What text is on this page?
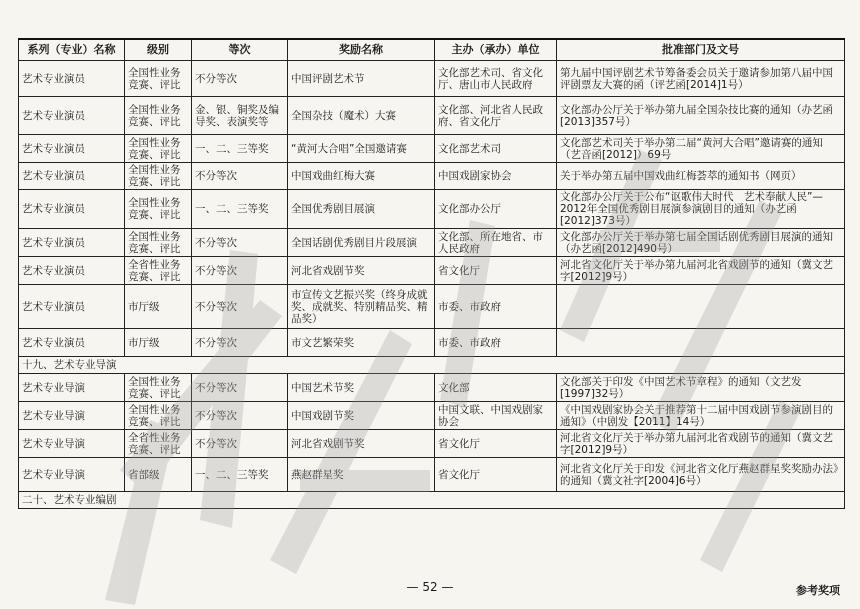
系列（专业）名称	级别	等次	奖励名称	主办（承办）单位	批准部门及文号
艺术专业演员	全国性业务竞赛、评比	不分等次	中国评剧艺术节	文化部艺术司、省文化厅、唐山市人民政府	第九届中国评剧艺术节筹备委会员关于邀请参加第八届中国评剧票友大赛的函（评艺函[2014]1号）
艺术专业演员	全国性业务竞赛、评比	金、银、铜奖及编导奖、表演奖等	全国杂技（魔术）大赛	文化部、河北省人民政府、省文化厅	文化部办公厅关于举办第九届全国杂技比赛的通知（办艺函[2013]357号）
艺术专业演员	全国性业务竞赛、评比	一、二、三等奖	“黄河大合唱”全国邀请赛	文化部艺术司	文化部艺术司关于举办第二届“黄河大合唱”邀请赛的通知（艺音函[2012]）69号
艺术专业演员	全国性业务竞赛、评比	不分等次	中国戏曲红梅大赛	中国戏剧家协会	关于举办第五届中国戏曲红梅荟萃的通知书（网页）
艺术专业演员	全国性业务竞赛、评比	一、二、三等奖	全国优秀剧目展演	文化部办公厅	文化部办公厅关于公布“讴歌伟大时代　艺术奉献人民”—2012年全国优秀剧目展演参演剧目的通知（办艺函[2012]373号）
艺术专业演员	全国性业务竞赛、评比	不分等次	全国话剧优秀剧目片段展演	文化部、所在地省、市人民政府	文化部办公厅关于举办第七届全国话剧优秀剧目展演的通知（办艺函[2012]490号）
艺术专业演员	全省性业务竞赛、评比	不分等次	河北省戏剧节奖	省文化厅	河北省文化厅关于举办第九届河北省戏剧节的通知（冀文艺字[2012]9号）
艺术专业演员	市厅级	不分等次	市宣传文艺振兴奖（终身成就奖、成就奖、特别精品奖、精品奖）	市委、市政府	
艺术专业演员	市厅级	不分等次	市文艺繁荣奖	市委、市政府	
十九、艺术专业导演					
艺术专业导演	全国性业务竞赛、评比	不分等次	中国艺术节奖	文化部	文化部关于印发《中国艺术节章程》的通知（文艺发[1997]32号）
艺术专业导演	全国性业务竞赛、评比	不分等次	中国戏剧节奖	中国文联、中国戏剧家协会	《中国戏剧家协会关于推荐第十二届中国戏剧节参演剧目的通知》（中剧发【2011】14号）
艺术专业导演	全省性业务竞赛、评比	不分等次	河北省戏剧节奖	省文化厅	河北省文化厅关于举办第九届河北省戏剧节的通知（冀文艺字[2012]9号）
艺术专业导演	省部级	一、二、三等奖	燕赵群星奖	省文化厅	河北省文化厅关于印发《河北省文化厅燕赵群星奖奖励办法》的通知（冀文社字[2004]6号）
二十、艺术专业编剧					
— 52 —	参考奖项
